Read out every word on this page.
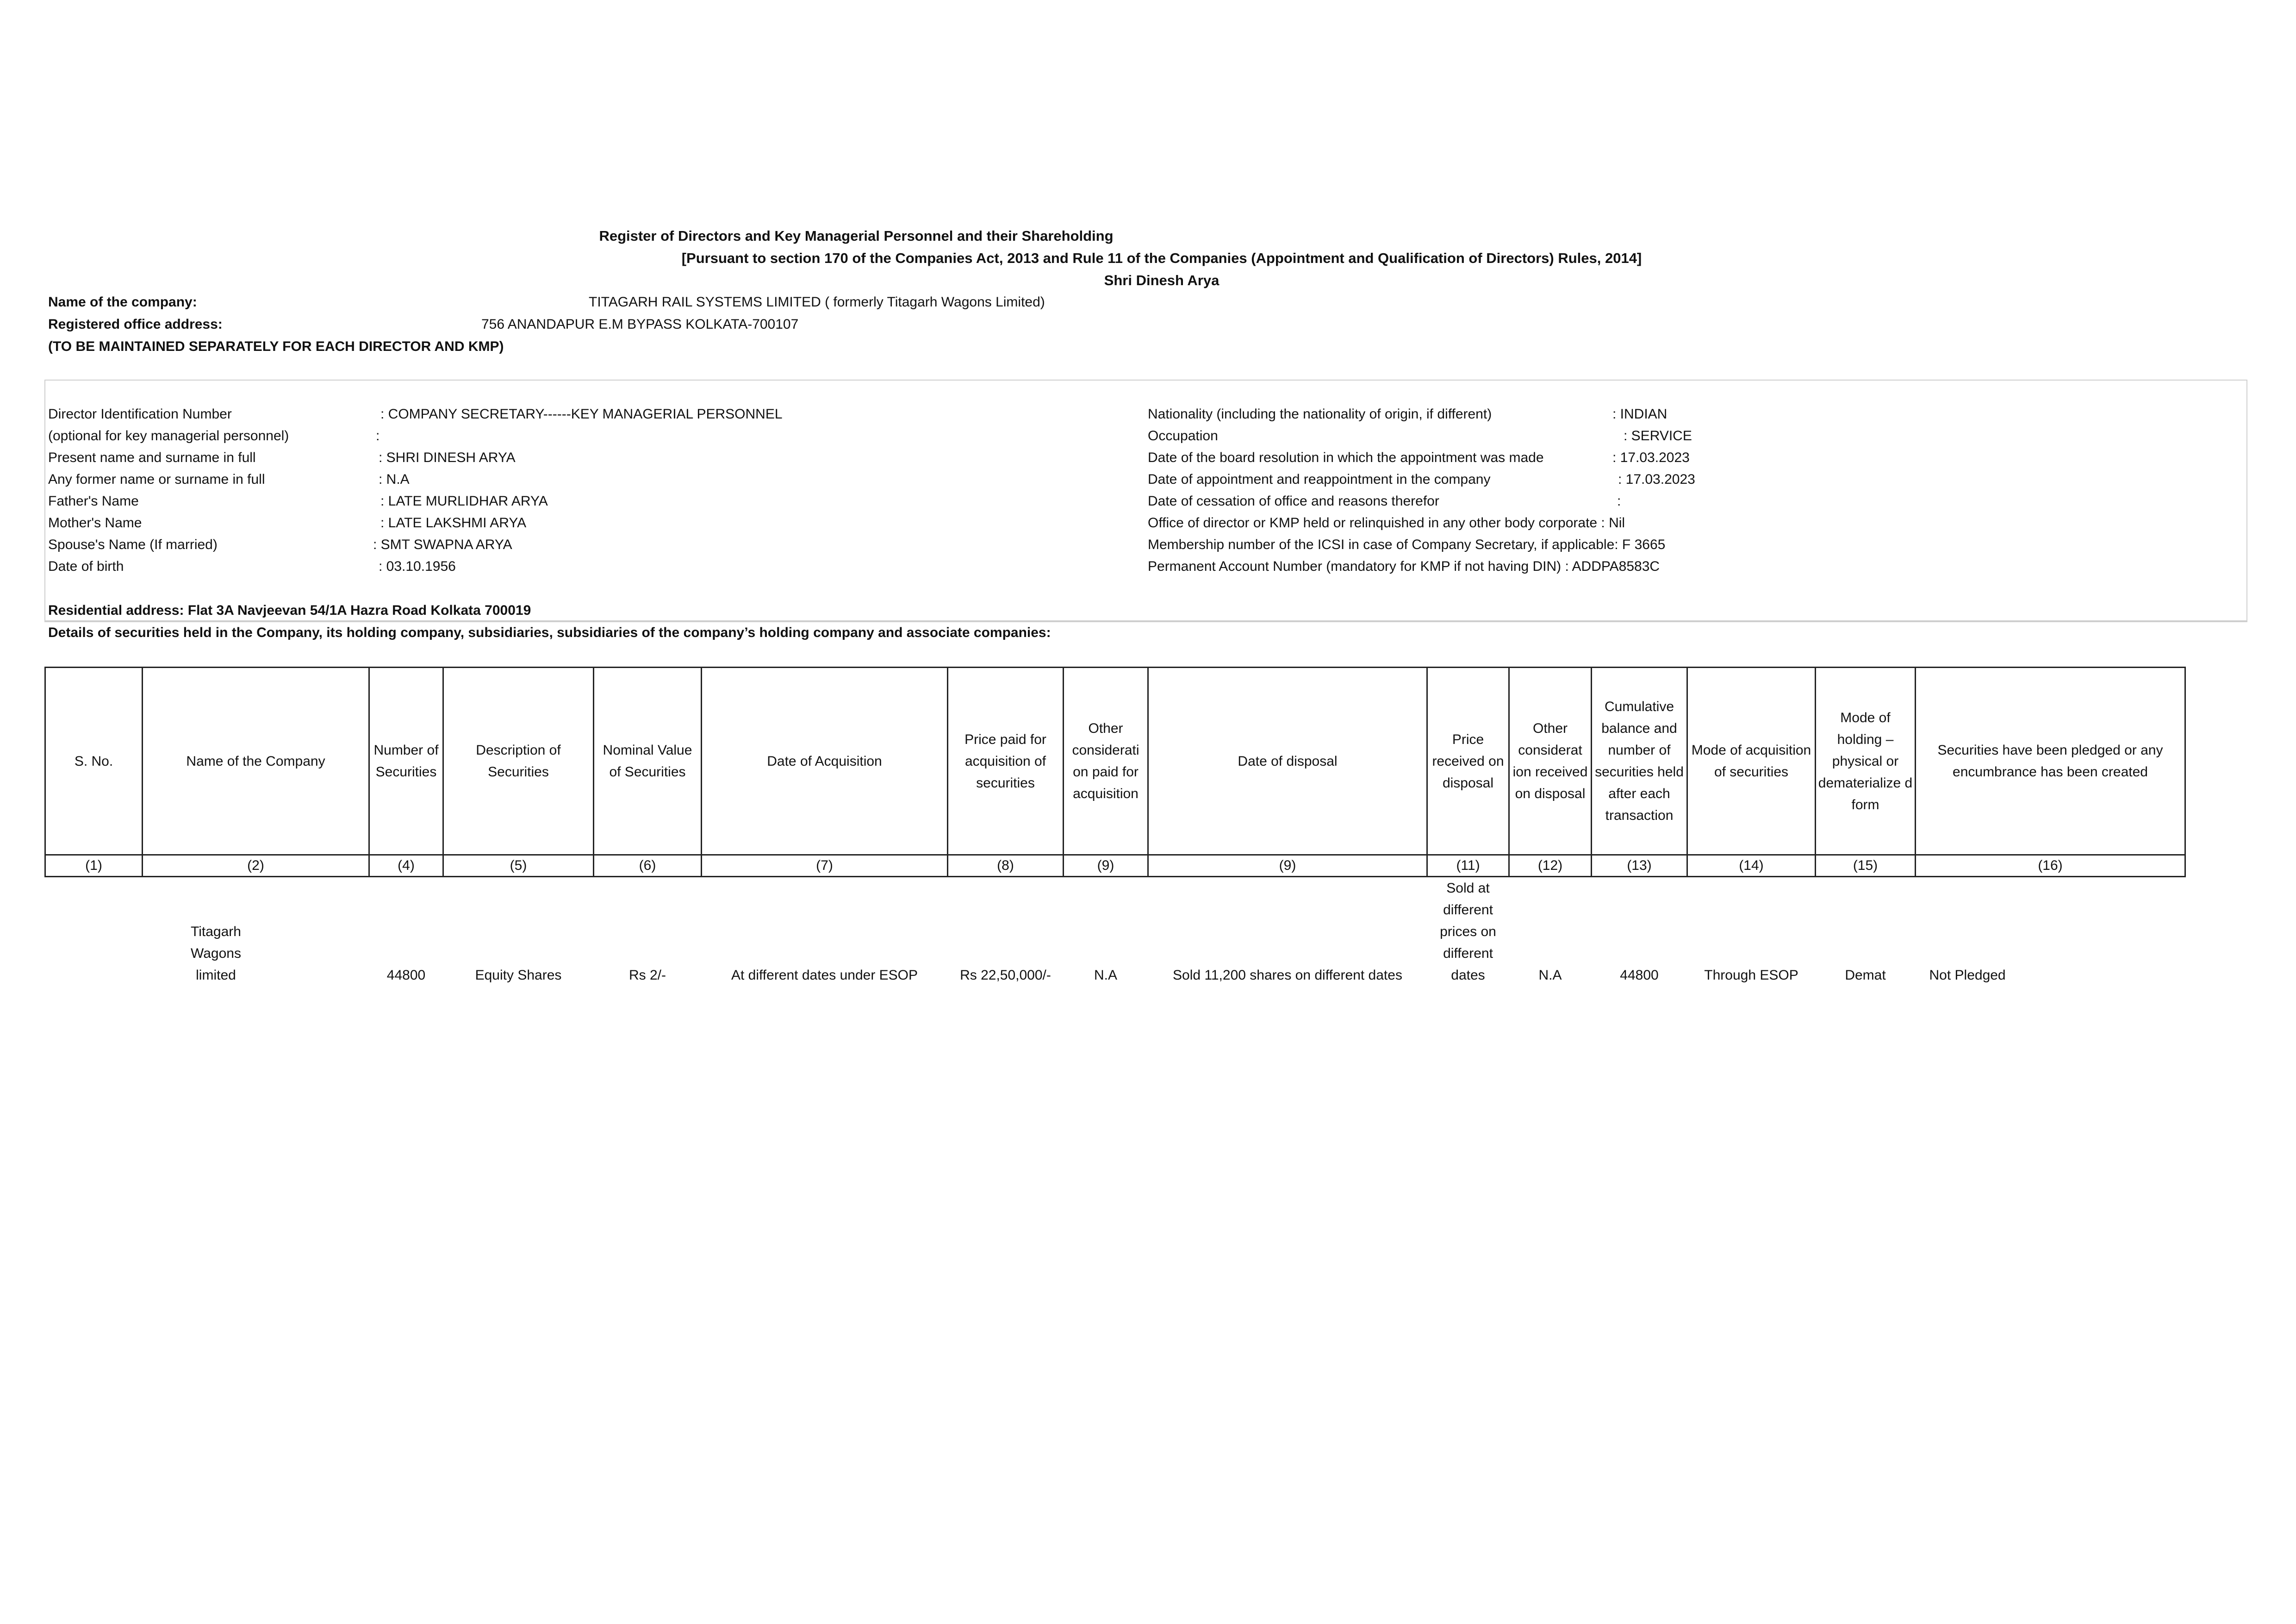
Register of Directors and Key Managerial Personnel and their Shareholding
[Pursuant to section 170 of the Companies Act, 2013 and Rule 11 of the Companies (Appointment and Qualification of Directors) Rules, 2014]
Shri Dinesh Arya
Name of the company:	TITAGARH RAIL SYSTEMS LIMITED ( formerly Titagarh Wagons Limited)
Registered office address:	756 ANANDAPUR E.M BYPASS KOLKATA-700107
(TO BE MAINTAINED SEPARATELY FOR EACH DIRECTOR AND KMP)
Director Identification Number	: COMPANY SECRETARY------KEY MANAGERIAL PERSONNEL
(optional for key managerial personnel)	:
Present name and surname in full	: SHRI DINESH ARYA
Any former name or surname in full	: N.A
Father's Name	: LATE MURLIDHAR ARYA
Mother's Name	: LATE LAKSHMI ARYA
Spouse's Name (If married)	: SMT SWAPNA ARYA
Date of birth	: 03.10.1956
Nationality (including the nationality of origin, if different)	: INDIAN
Occupation	: SERVICE
Date of the board resolution in which the appointment was made	: 17.03.2023
Date of appointment and reappointment in the company	: 17.03.2023
Date of cessation of office and reasons therefor	:
Office of director or KMP held or relinquished in any other body corporate : Nil
Membership number of the ICSI in case of Company Secretary, if applicable: F 3665
Permanent Account Number (mandatory for KMP if not having DIN) : ADDPA8583C
Residential address: Flat 3A Navjeevan 54/1A Hazra Road Kolkata 700019
Details of securities held in the Company, its holding company, subsidiaries, subsidiaries of the company’s holding company and associate companies:
S. No.	Name of the Company	Number of Securities	Description of Securities	Nominal Value of Securities	Date of Acquisition	Price paid for acquisition of securities	Other considerati on paid for acquisition	Date of disposal	Price received on disposal	Other considerat ion received on disposal	Cumulative balance and number of securities held after each transaction	Mode of acquisition of securities	Mode of holding – physical or dematerialize d form	Securities have been pledged or any encumbrance has been created
(1)	(2)	(4)	(5)	(6)	(7)	(8)	(9)	(9)	(11)	(12)	(13)	(14)	(15)	(16)

	Titagarh Wagons limited	44800	Equity Shares	Rs 2/-	At different dates under ESOP	Rs 22,50,000/-	N.A	Sold 11,200 shares on different dates	Sold at different prices on different dates	N.A	44800	Through ESOP	Demat	Not Pledged
